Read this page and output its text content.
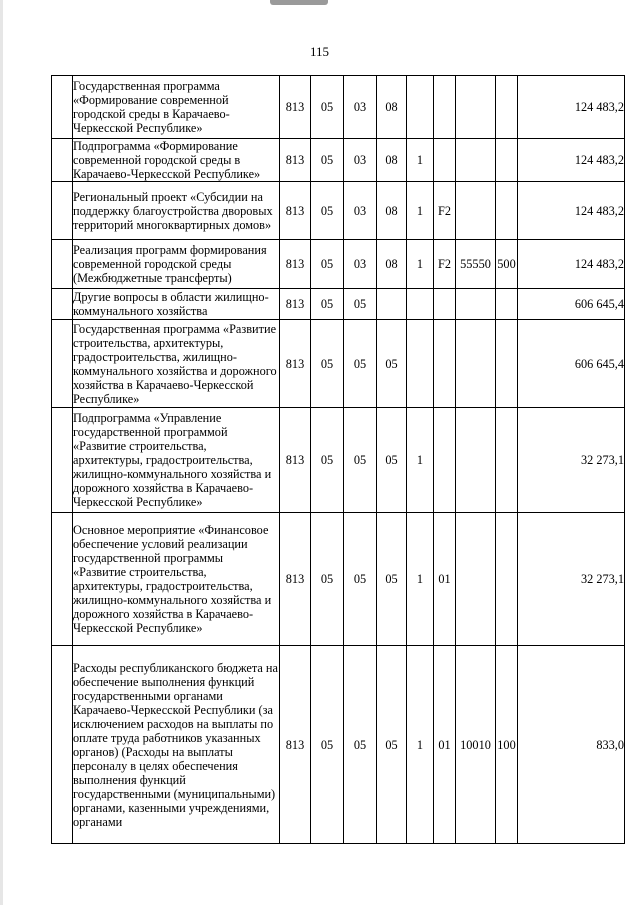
115
	Государственная программа «Формирование современной городской среды в Карачаево-Черкесской Республике»	813	05	03	08					124 483,2
	Подпрограмма «Формирование современной городской среды в Карачаево-Черкесской Республике»	813	05	03	08	1				124 483,2
	Региональный проект «Субсидии на поддержку благоустройства дворовых территорий многоквартирных домов»	813	05	03	08	1	F2			124 483,2
	Реализация программ формирования современной городской среды (Межбюджетные трансферты)	813	05	03	08	1	F2	55550	500	124 483,2
	Другие вопросы в области жилищно-коммунального хозяйства	813	05	05						606 645,4
	Государственная программа «Развитие строительства, архитектуры, градостроительства, жилищно-коммунального хозяйства и дорожного хозяйства в Карачаево-Черкесской Республике»	813	05	05	05					606 645,4
	Подпрограмма «Управление государственной программой «Развитие строительства, архитектуры, градостроительства, жилищно-коммунального хозяйства и дорожного хозяйства в Карачаево-Черкесской Республике»	813	05	05	05	1				32 273,1
	Основное мероприятие «Финансовое обеспечение условий реализации государственной программы «Развитие строительства, архитектуры, градостроительства, жилищно-коммунального хозяйства и дорожного хозяйства в Карачаево-Черкесской Республике»	813	05	05	05	1	01			32 273,1
	Расходы республиканского бюджета на обеспечение выполнения функций государственными органами Карачаево-Черкесской Республики (за исключением расходов на выплаты по оплате труда работников указанных органов) (Расходы на выплаты персоналу в целях обеспечения выполнения функций государственными (муниципальными) органами, казенными учреждениями, органами	813	05	05	05	1	01	10010	100	833,0
